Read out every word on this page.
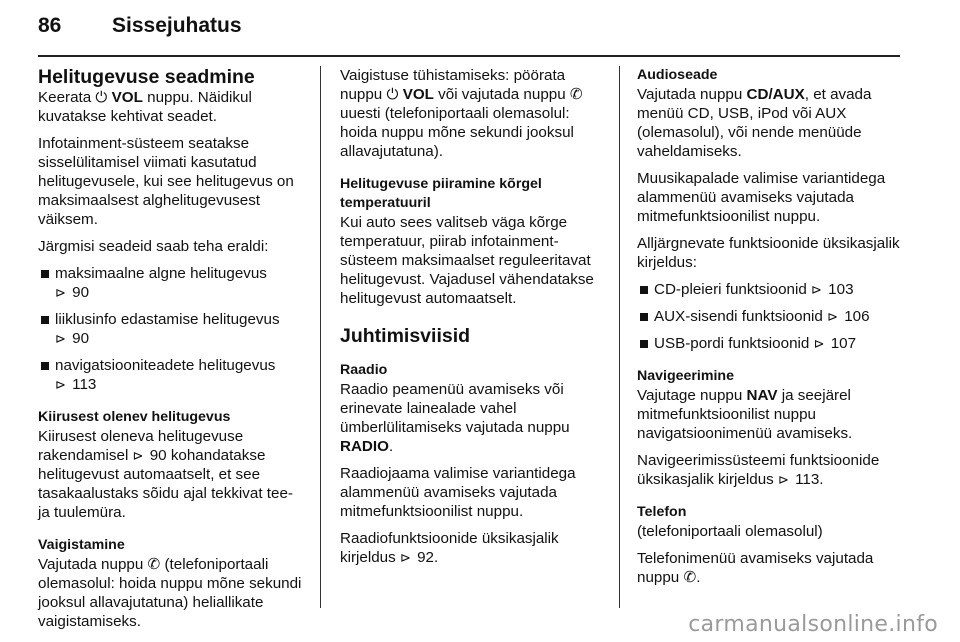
86 Sissejuhatus
Helitugevuse seadmine
Keerata ⏻ VOL nuppu. Näidikul kuvatakse kehtivat seadet.
Infotainment-süsteem seatakse sisselülitamisel viimati kasutatud helitugevusele, kui see helitugevus on maksimaalsest alghelitugevusest väiksem.
Järgmisi seadeid saab teha eraldi:
maksimaalne algne helitugevus
⊳ 90
liiklusinfo edastamise helitugevus
⊳ 90
navigatsiooniteadete helitugevus
⊳ 113
Kiirusest olenev helitugevus
Kiirusest oleneva helitugevuse rakendamisel ⊳ 90 kohandatakse helitugevust automaatselt, et see tasakaalustaks sõidu ajal tekkivat tee- ja tuulemüra.
Vaigistamine
Vajutada nuppu ✆ (telefoniportaali olemasolul: hoida nuppu mõne sekundi jooksul allavajutatuna) heliallikate vaigistamiseks.
Vaigistuse tühistamiseks: pöörata nuppu ⏻ VOL või vajutada nuppu ✆ uuesti (telefoniportaali olemasolul: hoida nuppu mõne sekundi jooksul allavajutatuna).
Helitugevuse piiramine kõrgel temperatuuril
Kui auto sees valitseb väga kõrge temperatuur, piirab infotainment-süsteem maksimaalset reguleeritavat helitugevust. Vajadusel vähendatakse helitugevust automaatselt.
Juhtimisviisid
Raadio
Raadio peamenüü avamiseks või erinevate lainealade vahel ümberlülitamiseks vajutada nuppu RADIO.
Raadiojaama valimise variantidega alammenüü avamiseks vajutada mitmefunktsioonilist nuppu.
Raadiofunktsioonide üksikasjalik kirjeldus ⊳ 92.
Audioseade
Vajutada nuppu CD/AUX, et avada menüü CD, USB, iPod või AUX (olemasolul), või nende menüüde vaheldamiseks.
Muusikapalade valimise variantidega alammenüü avamiseks vajutada mitmefunktsioonilist nuppu.
Alljärgnevate funktsioonide üksikasjalik kirjeldus:
CD-pleieri funktsioonid ⊳ 103
AUX-sisendi funktsioonid ⊳ 106
USB-pordi funktsioonid ⊳ 107
Navigeerimine
Vajutage nuppu NAV ja seejärel mitmefunktsioonilist nuppu navigatsioonimenüü avamiseks.
Navigeerimissüsteemi funktsioonide üksikasjalik kirjeldus ⊳ 113.
Telefon
(telefoniportaali olemasolul)
Telefonimenüü avamiseks vajutada nuppu ✆.
carmanualsonline.info
